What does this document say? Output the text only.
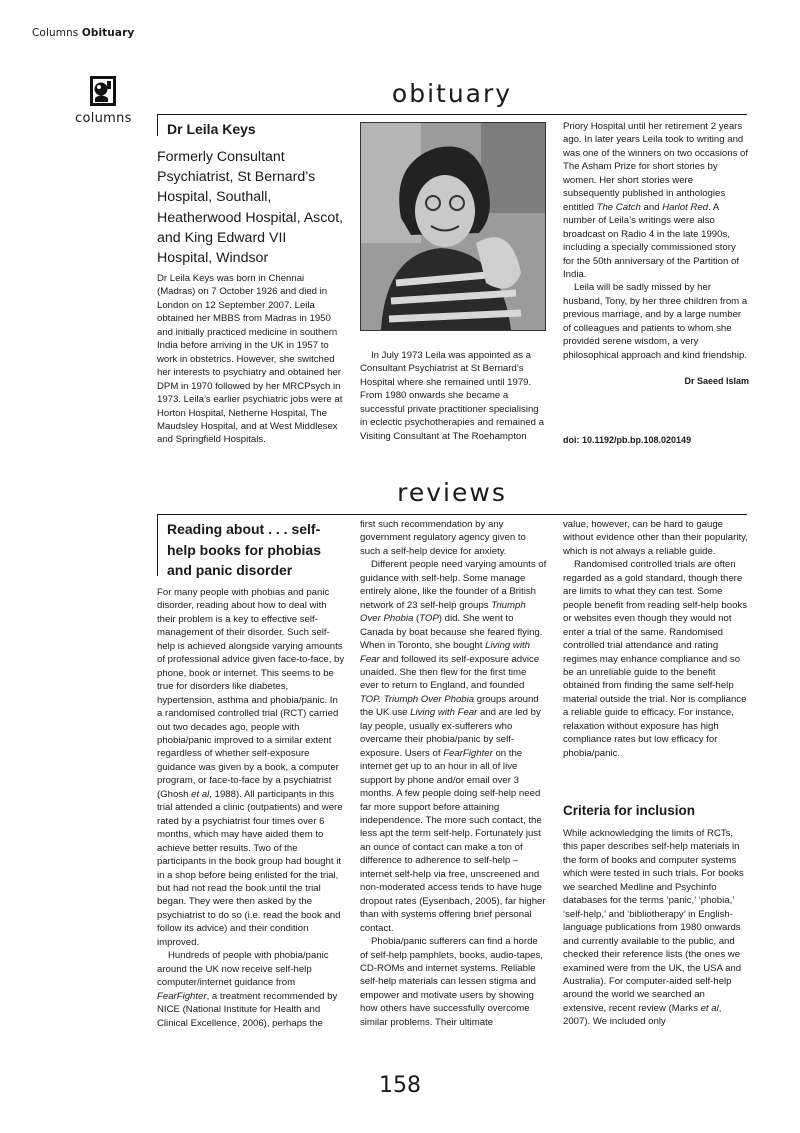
Columns Obituary
columns
obituary
Dr Leila Keys
Formerly Consultant Psychiatrist, St Bernard’s Hospital, Southall, Heatherwood Hospital, Ascot, and King Edward VII Hospital, Windsor

Dr Leila Keys was born in Chennai (Madras) on 7 October 1926 and died in London on 12 September 2007. Leila obtained her MBBS from Madras in 1950 and initially practiced medicine in southern India before arriving in the UK in 1957 to work in obstetrics. However, she switched her interests to psychiatry and obtained her DPM in 1970 followed by her MRCPsych in 1973. Leila’s earlier psychiatric jobs were at Horton Hospital, Netherne Hospital, The Maudsley Hospital, and at West Middlesex and Springfield Hospitals.

In July 1973 Leila was appointed as a Consultant Psychiatrist at St Bernard’s Hospital where she remained until 1979. From 1980 onwards she became a successful private practitioner specialising in eclectic psychotherapies and remained a Visiting Consultant at The Roehampton

Priory Hospital until her retirement 2 years ago. In later years Leila took to writing and was one of the winners on two occasions of The Asham Prize for short stories by women. Her short stories were subsequently published in anthologies entitled The Catch and Harlot Red. A number of Leila’s writings were also broadcast on Radio 4 in the late 1990s, including a specially commissioned story for the 50th anniversary of the Partition of India.

Leila will be sadly missed by her husband, Tony, by her three children from a previous marriage, and by a large number of colleagues and patients to whom she provided serene wisdom, a very philosophical approach and kind friendship.

Dr Saeed Islam
doi: 10.1192/pb.bp.108.020149
reviews
Reading about . . . self-help books for phobias and panic disorder

For many people with phobias and panic disorder, reading about how to deal with their problem is a key to effective self-management of their disorder. Such self-help is achieved alongside varying amounts of professional advice given face-to-face, by phone, book or internet. This seems to be true for disorders like diabetes, hypertension, asthma and phobia/panic. In a randomised controlled trial (RCT) carried out two decades ago, people with phobia/panic improved to a similar extent regardless of whether self-exposure guidance was given by a book, a computer program, or face-to-face by a psychiatrist (Ghosh et al, 1988). All participants in this trial attended a clinic (outpatients) and were rated by a psychiatrist four times over 6 months, which may have aided them to achieve better results. Two of the participants in the book group had bought it in a shop before being enlisted for the trial, but had not read the book until the trial began. They were then asked by the psychiatrist to do so (i.e. read the book and follow its advice) and their condition improved.

Hundreds of people with phobia/panic around the UK now receive self-help computer/internet guidance from FearFighter, a treatment recommended by NICE (National Institute for Health and Clinical Excellence, 2006), perhaps the

first such recommendation by any government regulatory agency given to such a self-help device for anxiety.

Different people need varying amounts of guidance with self-help. Some manage entirely alone, like the founder of a British network of 23 self-help groups Triumph Over Phobia (TOP) did. She went to Canada by boat because she feared flying. When in Toronto, she bought Living with Fear and followed its self-exposure advice unaided. She then flew for the first time ever to return to England, and founded TOP. Triumph Over Phobia groups around the UK use Living with Fear and are led by lay people, usually ex-sufferers who overcame their phobia/panic by self-exposure. Users of FearFighter on the internet get up to an hour in all of live support by phone and/or email over 3 months. A few people doing self-help need far more support before attaining independence. The more such contact, the less apt the term self-help. Fortunately just an ounce of contact can make a ton of difference to adherence to self-help – internet self-help via free, unscreened and non-moderated access tends to have huge dropout rates (Eysenbach, 2005), far higher than with systems offering brief personal contact.

Phobia/panic sufferers can find a horde of self-help pamphlets, books, audio-tapes, CD-ROMs and internet systems. Reliable self-help materials can lessen stigma and empower and motivate users by showing how others have successfully overcome similar problems. Their ultimate

value, however, can be hard to gauge without evidence other than their popularity, which is not always a reliable guide.

Randomised controlled trials are often regarded as a gold standard, though there are limits to what they can test. Some people benefit from reading self-help books or websites even though they would not enter a trial of the same. Randomised controlled trial attendance and rating regimes may enhance compliance and so be an unreliable guide to the benefit obtained from finding the same self-help material outside the trial. Nor is compliance a reliable guide to efficacy. For instance, relaxation without exposure has high compliance rates but low efficacy for phobia/panic.

Criteria for inclusion

While acknowledging the limits of RCTs, this paper describes self-help materials in the form of books and computer systems which were tested in such trials. For books we searched Medline and Psychinfo databases for the terms ‘panic,’ ‘phobia,’ ‘self-help,’ and ‘bibliotherapy’ in English-language publications from 1980 onwards and currently available to the public, and checked their reference lists (the ones we examined were from the UK, the USA and Australia). For computer-aided self-help around the world we searched an extensive, recent review (Marks et al, 2007). We included only

158
